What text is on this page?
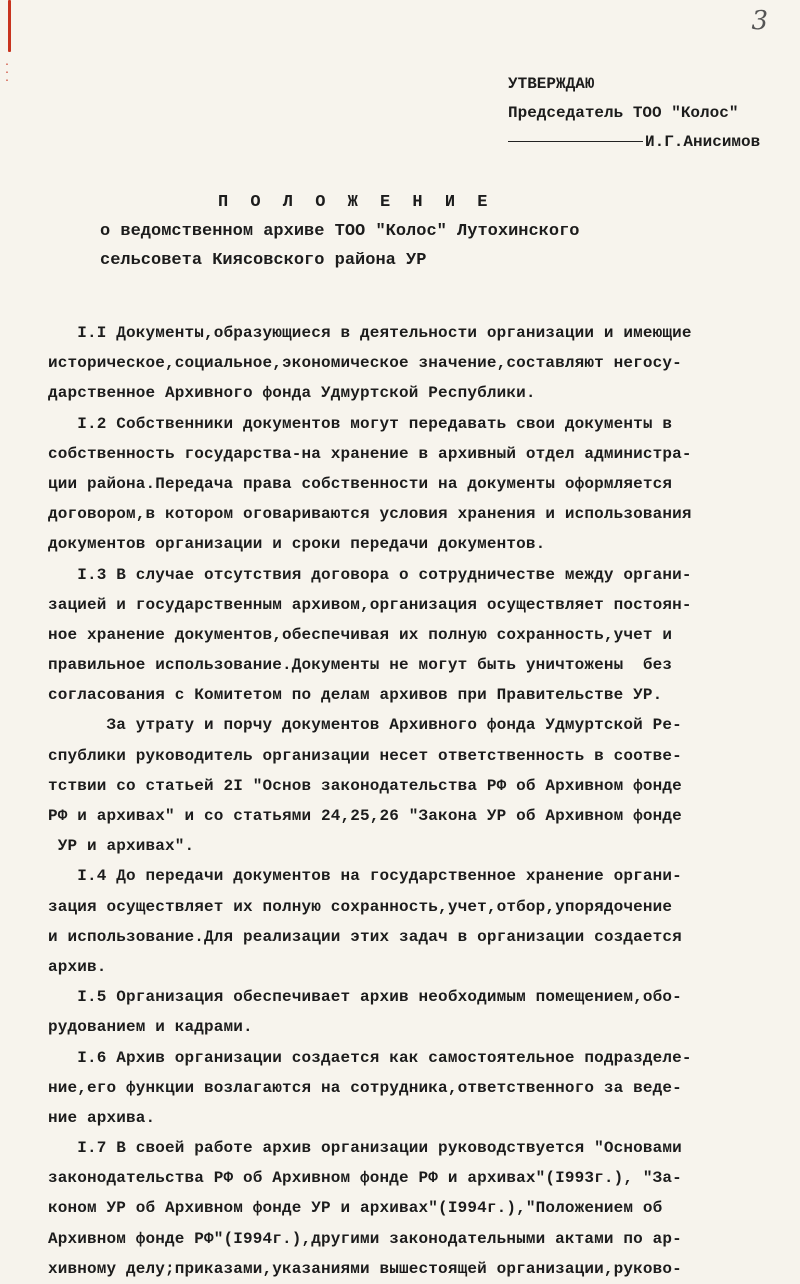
·
·
·
3
УТВЕРЖДАЮ
Председатель ТОО "Колос"
И.Г.Анисимов
П О Л О Ж Е Н И Е
о ведомственном архиве ТОО "Колос" Лутохинского
сельсовета Киясовского района УР
I.I Документы,образующиеся в деятельности организации и имеющие
историческое,социальное,экономическое значение,составляют негосу-
дарственное Архивного фонда Удмуртской Республики.
I.2 Собственники документов могут передавать свои документы в
собственность государства-на хранение в архивный отдел администра-
ции района.Передача права собственности на документы оформляется
договором,в котором оговариваются условия хранения и использования
документов организации и сроки передачи документов.
I.3 В случае отсутствия договора о сотрудничестве между органи-
зацией и государственным архивом,организация осуществляет постоян-
ное хранение документов,обеспечивая их полную сохранность,учет и
правильное использование.Документы не могут быть уничтожены  без
согласования с Комитетом по делам архивов при Правительстве УР.
За утрату и порчу документов Архивного фонда Удмуртской Ре-
спублики руководитель организации несет ответственность в соотве-
тствии со статьей 2I "Основ законодательства РФ об Архивном фонде
РФ и архивах" и со статьями 24,25,26 "Закона УР об Архивном фонде
УР и архивах".
I.4 До передачи документов на государственное хранение органи-
зация осуществляет их полную сохранность,учет,отбор,упорядочение
и использование.Для реализации этих задач в организации создается
архив.
I.5 Организация обеспечивает архив необходимым помещением,обо-
рудованием и кадрами.
I.6 Архив организации создается как самостоятельное подразделе-
ние,его функции возлагаются на сотрудника,ответственного за веде-
ние архива.
I.7 В своей работе архив организации руководствуется "Основами
законодательства РФ об Архивном фонде РФ и архивах"(I993г.), "За-
коном УР об Архивном фонде УР и архивах"(I994г.),"Положением об
Архивном фонде РФ"(I994г.),другими законодательными актами по ар-
хивному делу;приказами,указаниями вышестоящей организации,руково-
